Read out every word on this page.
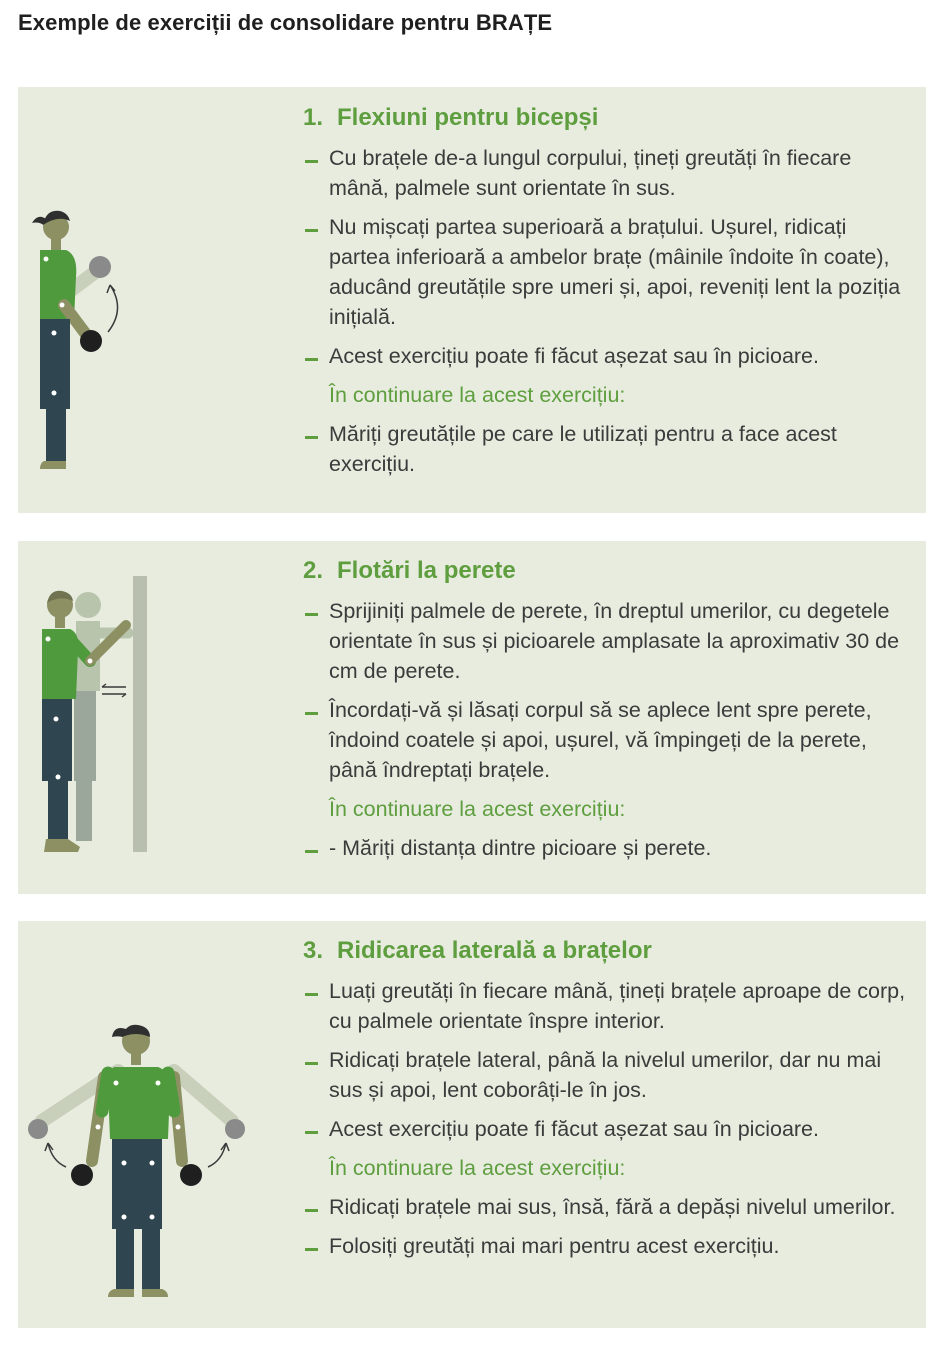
Exemple de exerciții de consolidare pentru BRAȚE
1. Flexiuni pentru bicepși
Cu brațele de-a lungul corpului, țineți greutăți în fiecare mână, palmele sunt orientate în sus.
Nu mișcați partea superioară a brațului. Ușurel, ridicați partea inferioară a ambelor brațe (mâinile îndoite în coate), aducând greutățile spre umeri și, apoi, reveniți lent la poziția inițială.
Acest exercițiu poate fi făcut așezat sau în picioare.
În continuare la acest exercițiu:
Măriți greutățile pe care le utilizați pentru a face acest exercițiu.
2. Flotări la perete
Sprijiniți palmele de perete, în dreptul umerilor, cu degetele orientate în sus și picioarele amplasate la aproximativ 30 de cm de perete.
Încordați-vă și lăsați corpul să se aplece lent spre perete, îndoind coatele și apoi, ușurel, vă împingeți de la perete, până îndreptați brațele.
În continuare la acest exercițiu:
- Măriți distanța dintre picioare și perete.
3. Ridicarea laterală a brațelor
Luați greutăți în fiecare mână, țineți brațele aproape de corp, cu palmele orientate înspre interior.
Ridicați brațele lateral, până la nivelul umerilor, dar nu mai sus și apoi, lent coborâți-le în jos.
Acest exercițiu poate fi făcut așezat sau în picioare.
În continuare la acest exercițiu:
Ridicați brațele mai sus, însă, fără a depăși nivelul umerilor.
Folosiți greutăți mai mari pentru acest exercițiu.
